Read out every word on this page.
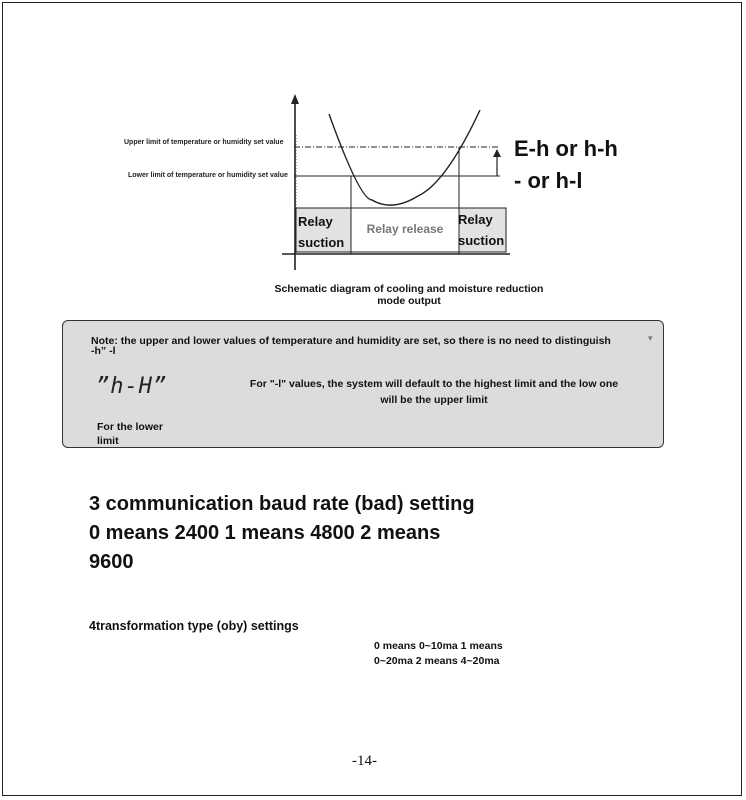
Upper limit of temperature or humidity set value
Lower limit of temperature or humidity set value
Relay
suction
Relay release
Relay
suction
E-h or h-h
- or h-l
Schematic diagram of cooling and moisture reduction
mode output
Note: the upper and lower values of temperature and humidity are set, so there is no need to distinguish
-h” -l
▾
”h-H”	For "-l" values, the system will default to the highest limit and the low one
will be the upper limit
For the lower
limit
3 communication baud rate (bad) setting
0 means 2400 1 means 4800 2 means
9600
4transformation type (oby) settings
0 means 0~10ma 1 means
0~20ma 2 means 4~20ma
-14-
